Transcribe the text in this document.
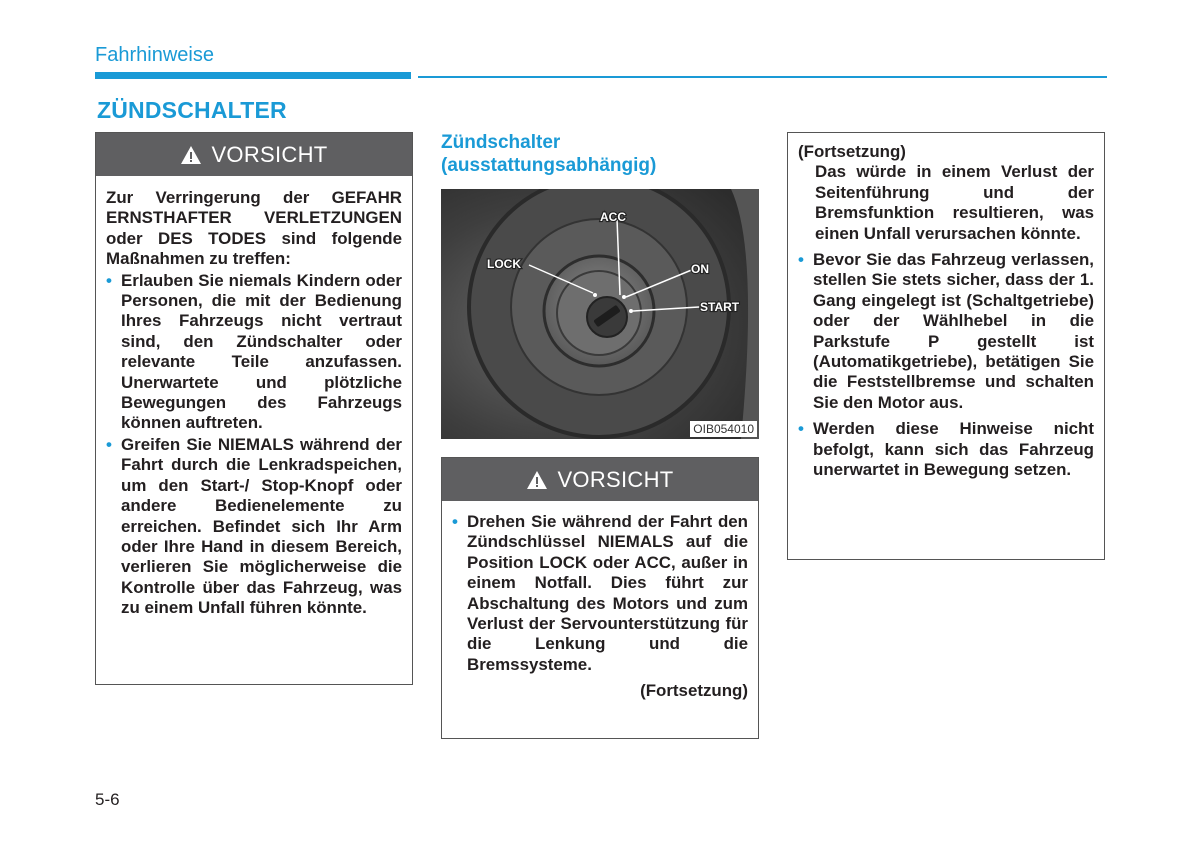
Fahrhinweise
ZÜNDSCHALTER
VORSICHT

Zur Verringerung der GEFAHR ERNSTHAFTER VERLETZUNGEN oder DES TODES sind folgende Maßnahmen zu treffen:

• Erlauben Sie niemals Kindern oder Personen, die mit der Bedienung Ihres Fahrzeugs nicht vertraut sind, den Zündschalter oder relevante Teile anzufassen. Unerwartete und plötzliche Bewegungen des Fahrzeugs können auftreten.

• Greifen Sie NIEMALS während der Fahrt durch die Lenkradspeichen, um den Start-/ Stop-Knopf oder andere Bedienelemente zu erreichen. Befindet sich Ihr Arm oder Ihre Hand in diesem Bereich, verlieren Sie möglicherweise die Kontrolle über das Fahrzeug, was zu einem Unfall führen könnte.

Zündschalter
(ausstattungsabhängig)
ACC
LOCK	ON
START
OIB054010
VORSICHT

• Drehen Sie während der Fahrt den Zündschlüssel NIEMALS auf die Position LOCK oder ACC, außer in einem Notfall. Dies führt zur Abschaltung des Motors und zum Verlust der Servounterstützung für die Lenkung und die Bremssysteme.

(Fortsetzung)

(Fortsetzung)

Das würde in einem Verlust der Seitenführung und der Bremsfunktion resultieren, was einen Unfall verursachen könnte.

• Bevor Sie das Fahrzeug verlassen, stellen Sie stets sicher, dass der 1. Gang eingelegt ist (Schaltgetriebe) oder der Wählhebel in die Parkstufe P gestellt ist (Automatikgetriebe), betätigen Sie die Feststellbremse und schalten Sie den Motor aus.

• Werden diese Hinweise nicht befolgt, kann sich das Fahrzeug unerwartet in Bewegung setzen.

5-6
